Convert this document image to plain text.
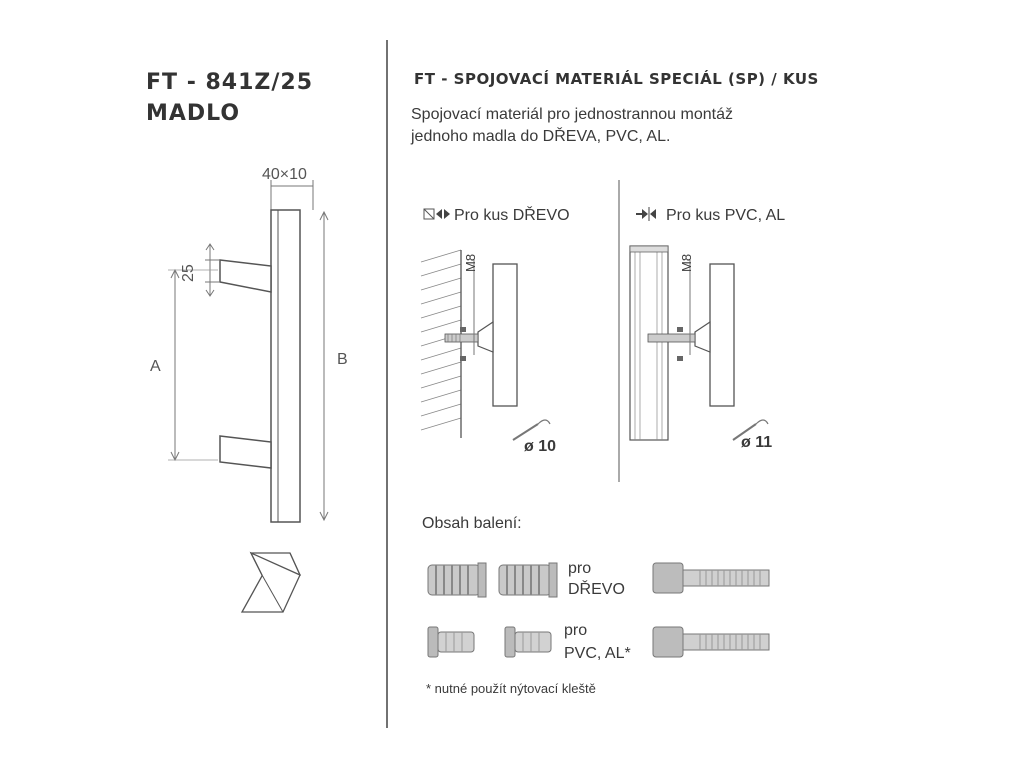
FT - 841Z/25
MADLO
40×10
25
A	B
FT - SPOJOVACÍ MATERIÁL SPECIÁL (SP) / KUS
Spojovací materiál pro jednostrannou montáž
jednoho madla do DŘEVA, PVC, AL.
Pro kus DŘEVO	Pro kus PVC, AL
M8	M8
ø 10	ø 11
Obsah balení:
pro
DŘEVO
pro
PVC, AL*
* nutné použít nýtovací kleště
